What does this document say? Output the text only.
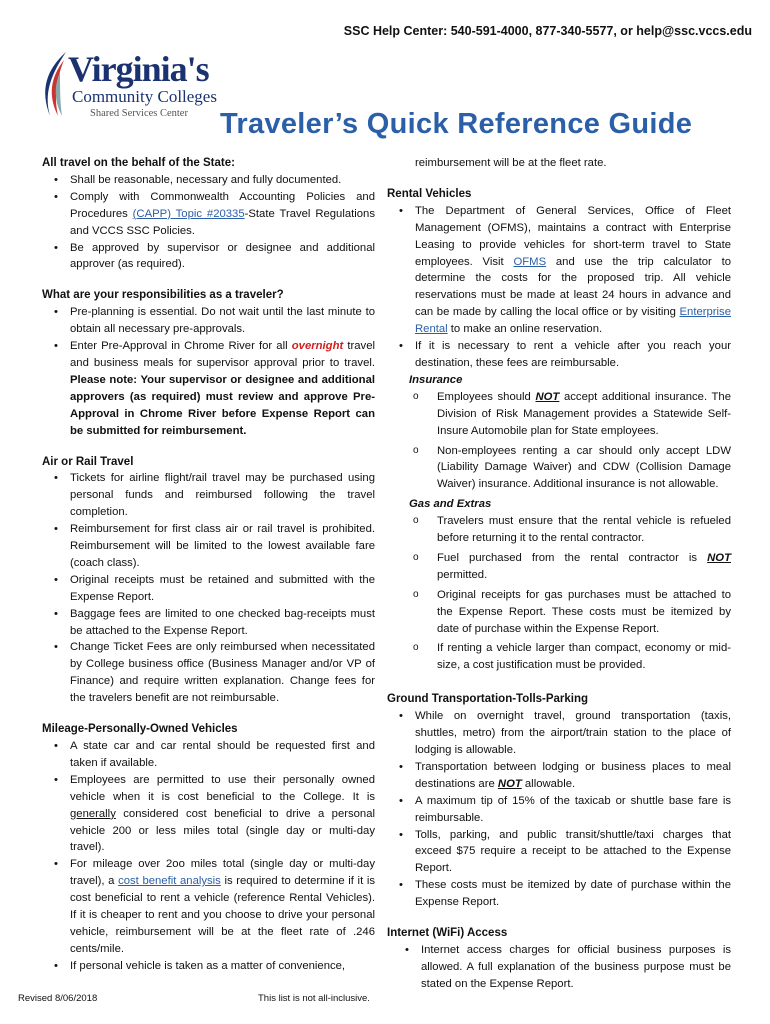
SSC Help Center: 540-591-4000, 877-340-5577, or help@ssc.vccs.edu
Virginia's
Community Colleges
Shared Services Center Traveler’s Quick Reference Guide
All travel on the behalf of the State:
• Shall be reasonable, necessary and fully documented.
• Comply with Commonwealth Accounting Policies and Procedures (CAPP) Topic #20335-State Travel Regulations and VCCS SSC Policies.
• Be approved by supervisor or designee and additional approver (as required).
What are your responsibilities as a traveler?
• Pre-planning is essential. Do not wait until the last minute to obtain all necessary pre-approvals.
• Enter Pre-Approval in Chrome River for all overnight travel and business meals for supervisor approval prior to travel. Please note: Your supervisor or designee and additional approvers (as required) must review and approve Pre-Approval in Chrome River before Expense Report can be submitted for reimbursement.
Air or Rail Travel
• Tickets for airline flight/rail travel may be purchased using personal funds and reimbursed following the travel completion.
• Reimbursement for first class air or rail travel is prohibited. Reimbursement will be limited to the lowest available fare (coach class).
• Original receipts must be retained and submitted with the Expense Report.
• Baggage fees are limited to one checked bag-receipts must be attached to the Expense Report.
• Change Ticket Fees are only reimbursed when necessitated by College business office (Business Manager and/or VP of Finance) and require written explanation. Change fees for the travelers benefit are not reimbursable.
Mileage-Personally-Owned Vehicles
• A state car and car rental should be requested first and taken if available.
• Employees are permitted to use their personally owned vehicle when it is cost beneficial to the College. It is generally considered cost beneficial to drive a personal vehicle 200 or less miles total (single day or multi-day travel).
• For mileage over 2oo miles total (single day or multi-day travel), a cost benefit analysis is required to determine if it is cost beneficial to rent a vehicle (reference Rental Vehicles). If it is cheaper to rent and you choose to drive your personal vehicle, reimbursement will be at the fleet rate of .246 cents/mile.
• If personal vehicle is taken as a matter of convenience,
reimbursement will be at the fleet rate.
Rental Vehicles
• The Department of General Services, Office of Fleet Management (OFMS), maintains a contract with Enterprise Leasing to provide vehicles for short-term travel to State employees. Visit OFMS and use the trip calculator to determine the costs for the proposed trip. All vehicle reservations must be made at least 24 hours in advance and can be made by calling the local office or by visiting Enterprise Rental to make an online reservation.
• If it is necessary to rent a vehicle after you reach your destination, these fees are reimbursable.
Insurance
o Employees should NOT accept additional insurance. The Division of Risk Management provides a Statewide Self-Insure Automobile plan for State employees.
o Non-employees renting a car should only accept LDW (Liability Damage Waiver) and CDW (Collision Damage Waiver) insurance. Additional insurance is not allowable.
Gas and Extras
o Travelers must ensure that the rental vehicle is refueled before returning it to the rental contractor.
o Fuel purchased from the rental contractor is NOT permitted.
o Original receipts for gas purchases must be attached to the Expense Report. These costs must be itemized by date of purchase within the Expense Report.
o If renting a vehicle larger than compact, economy or mid-size, a cost justification must be provided.
Ground Transportation-Tolls-Parking
• While on overnight travel, ground transportation (taxis, shuttles, metro) from the airport/train station to the place of lodging is allowable.
• Transportation between lodging or business places to meal destinations are NOT allowable.
• A maximum tip of 15% of the taxicab or shuttle base fare is reimbursable.
• Tolls, parking, and public transit/shuttle/taxi charges that exceed $75 require a receipt to be attached to the Expense Report.
• These costs must be itemized by date of purchase within the Expense Report.
Internet (WiFi) Access
• Internet access charges for official business purposes is allowed. A full explanation of the business purpose must be stated on the Expense Report.
Revised 8/06/2018	This list is not all-inclusive.
